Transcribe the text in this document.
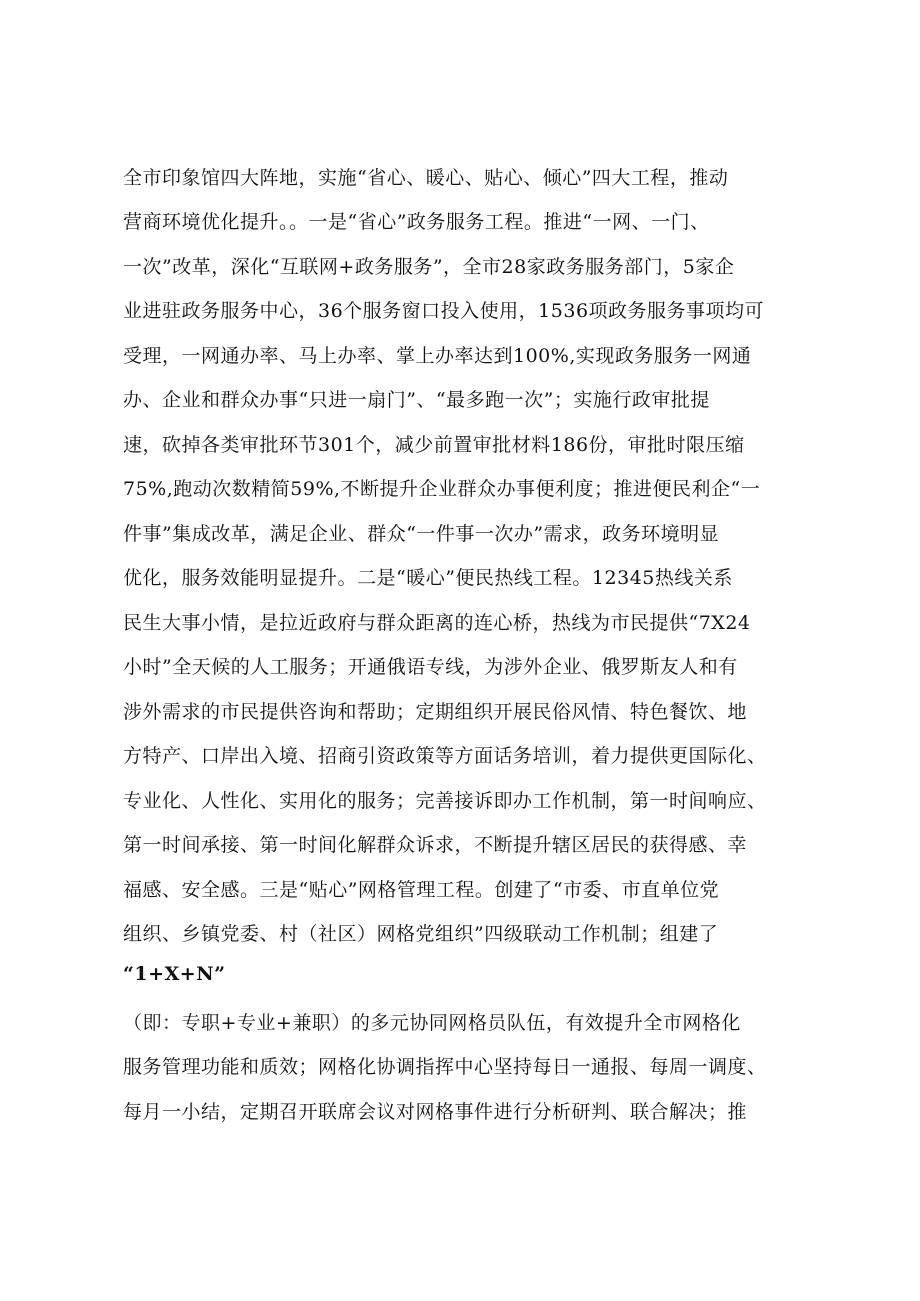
全市印象馆四大阵地，实施“省心、暖心、贴心、倾心”四大工程，推动
营商环境优化提升。。一是“省心”政务服务工程。推进“一网、一门、
一次”改革，深化“互联网+政务服务”，全市28家政务服务部门，5家企
业进驻政务服务中心，36个服务窗口投入使用，1536项政务服务事项均可
受理，一网通办率、马上办率、掌上办率达到100%,实现政务服务一网通
办、企业和群众办事“只进一扇门”、“最多跑一次”；实施行政审批提
速，砍掉各类审批环节301个，减少前置审批材料186份，审批时限压缩
75%,跑动次数精简59%,不断提升企业群众办事便利度；推进便民利企“一
件事”集成改革，满足企业、群众“一件事一次办”需求，政务环境明显
优化，服务效能明显提升。二是“暖心”便民热线工程。12345热线关系
民生大事小情，是拉近政府与群众距离的连心桥，热线为市民提供“7X24
小时”全天候的人工服务；开通俄语专线，为涉外企业、俄罗斯友人和有
涉外需求的市民提供咨询和帮助；定期组织开展民俗风情、特色餐饮、地
方特产、口岸出入境、招商引资政策等方面话务培训，着力提供更国际化、
专业化、人性化、实用化的服务；完善接诉即办工作机制，第一时间响应、
第一时间承接、第一时间化解群众诉求，不断提升辖区居民的获得感、幸
福感、安全感。三是“贴心”网格管理工程。创建了“市委、市直单位党
组织、乡镇党委、村（社区）网格党组织”四级联动工作机制；组建了
“1+X+N”
（即：专职+专业+兼职）的多元协同网格员队伍，有效提升全市网格化
服务管理功能和质效；网格化协调指挥中心坚持每日一通报、每周一调度、
每月一小结，定期召开联席会议对网格事件进行分析研判、联合解决；推
